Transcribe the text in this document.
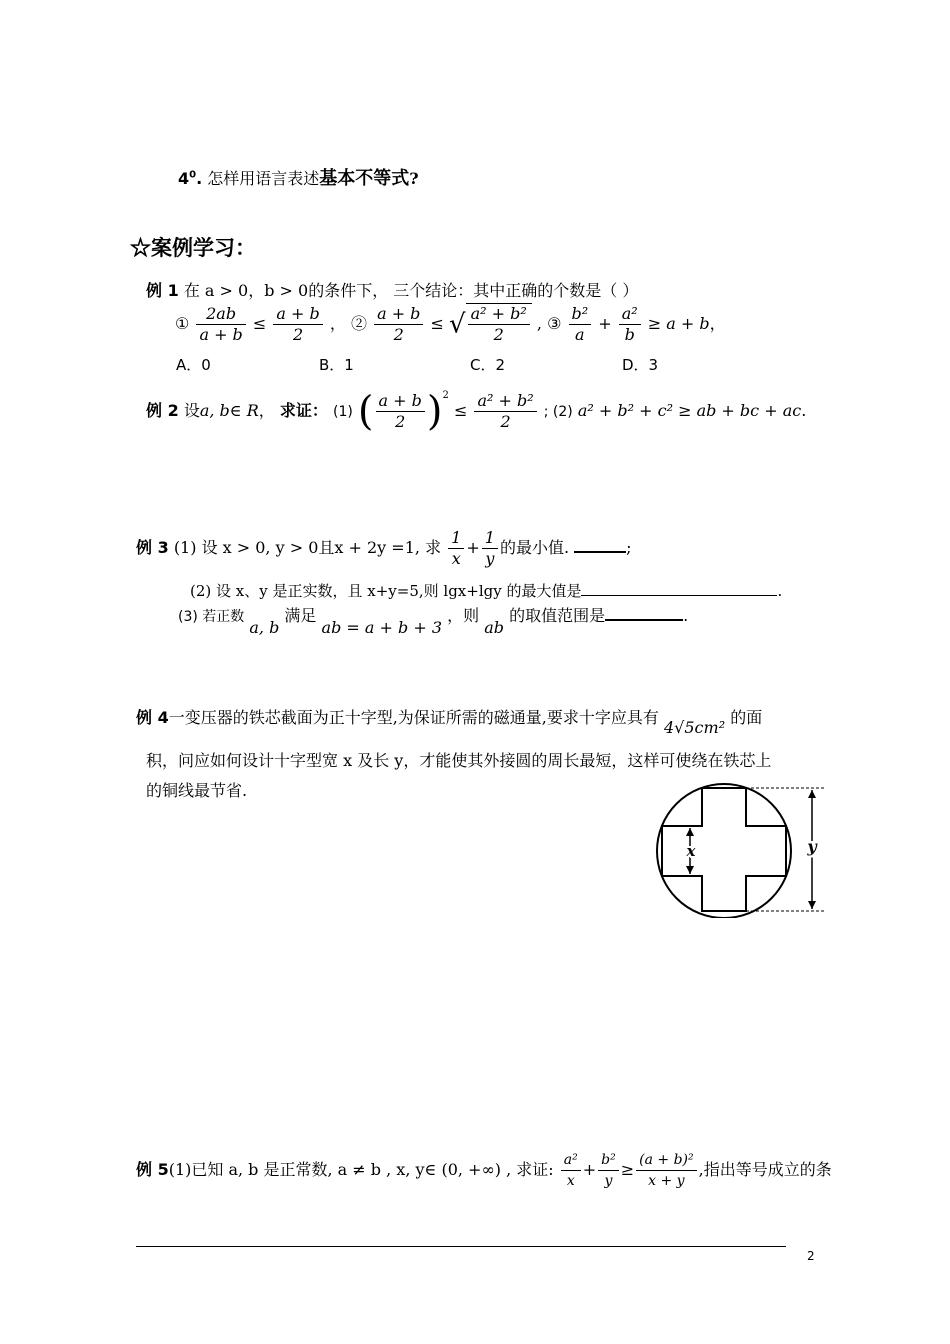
$4^0$. 怎样用语言表述基本不等式?
☆案例学习：
例 1 在 a > 0，b > 0的条件下， 三个结论：其中正确的个数是（ ）
① $\frac{2ab}{a + b} \le \frac{a + b}{2}$ ， ② $\frac{a + b}{2}$ ≤ √ $\frac{\text{a² + b²}}{2}$ , ③ $\frac{\text{b²}}{a} + \frac{\text{a²}}{b} \ge a + b$，
A．0	B．1	C．2	D．3
例 2 设a, b∈ R， 求证： (1) ( $\frac{a + b}{2} )^2 \le \frac{\text{a² + b²}}{2}$ ; (2) a² + b² + c² ≥ ab + bc + ac.
例 3 (1) 设 x > 0, y > 0且x + 2y =1, 求 $\frac{1}{x} + \frac{1}{y}$ 的最小值.	;
(2) 设 x、y 是正实数，且 x+y=5,则 lgx+lgy 的最大值是	.
(3) 若正数 a, b 满足 ab = a + b + 3 ，则 ab 的取值范围是	.
例 4一变压器的铁芯截面为正十字型,为保证所需的磁通量,要求十字应具有 4√5cm² 的面
积，问应如何设计十字型宽 x 及长 y，才能使其外接圆的周长最短，这样可使绕在铁芯上
的铜线最节省.
x	y
例 5(1)已知 a, b 是正常数, a ≠ b , x, y∈ (0, +∞) , 求证: $\frac{\text{a²}}{x} + \frac{\text{b²}}{y} \ge \frac{\text{(a + b)²}}{x + y}$ ,指出等号成立的条
2
